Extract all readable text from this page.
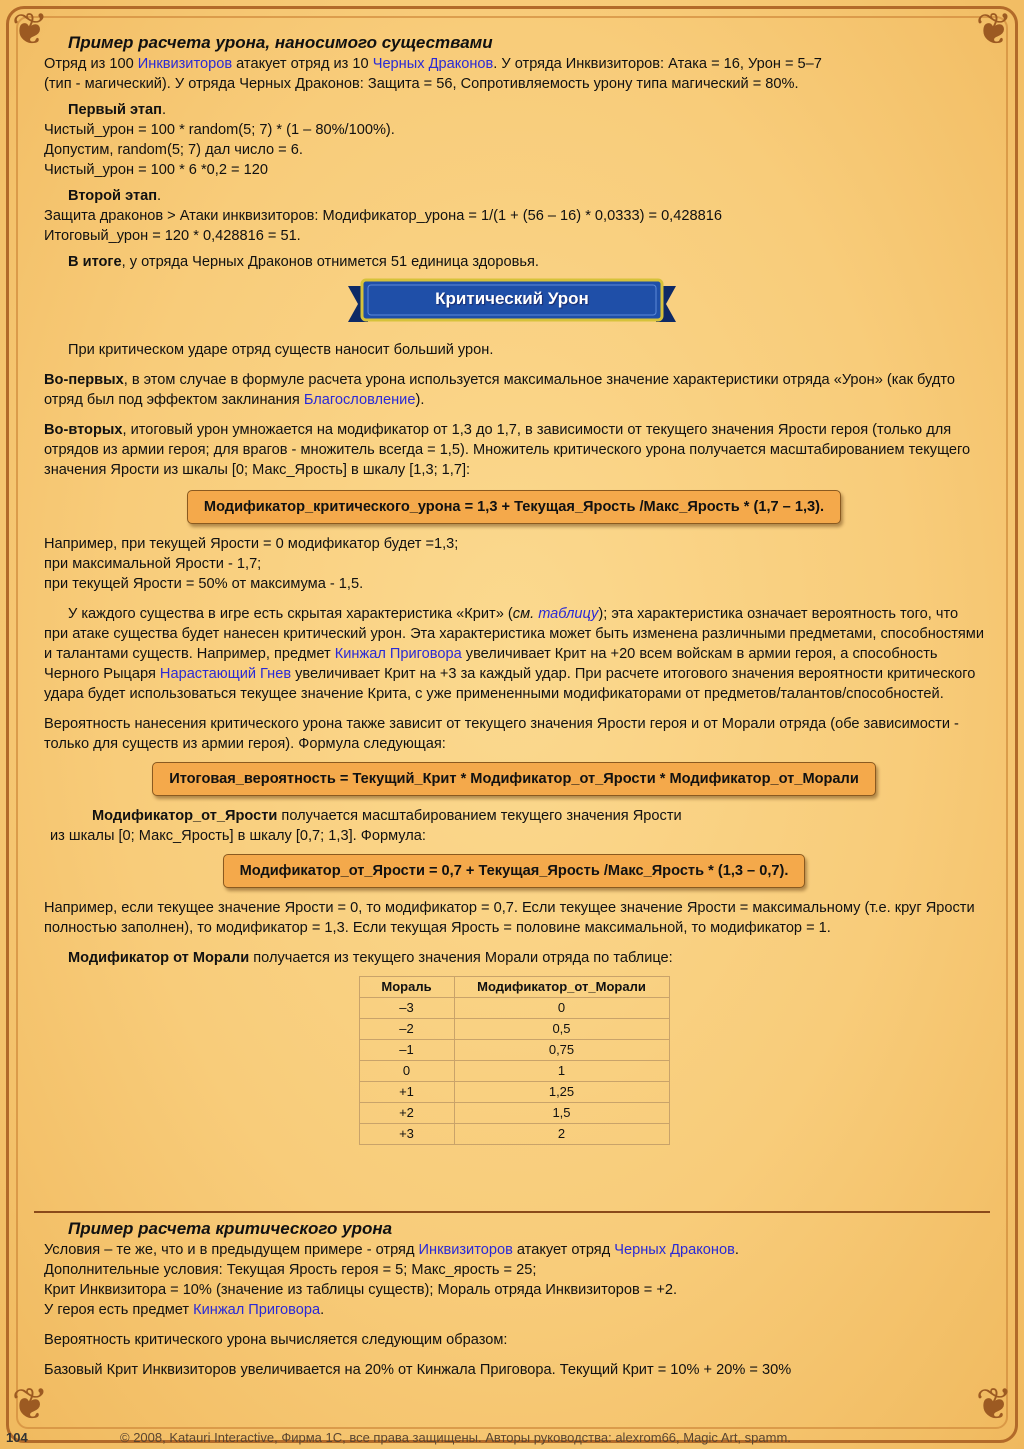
❦	❦
❦	❦

Пример расчета урона, наносимого существами

Отряд из 100 Инквизиторов атакует отряд из 10 Черных Драконов. У отряда Инквизиторов: Атака = 16, Урон = 5–7

(тип - магический). У отряда Черных Драконов: Защита = 56, Сопротивляемость урону типа магический = 80%.

Первый этап.

Чистый_урон = 100 * random(5; 7) * (1 – 80%/100%).

Допустим, random(5; 7) дал число = 6.

Чистый_урон = 100 * 6 *0,2 = 120

Второй этап.

Защита драконов > Атаки инквизиторов: Модификатор_урона = 1/(1 + (56 – 16) * 0,0333) = 0,428816

Итоговый_урон = 120 * 0,428816 = 51.

В итоге, у отряда Черных Драконов отнимется 51 единица здоровья.

Критический Урон

При критическом ударе отряд существ наносит больший урон.

Во-первых, в этом случае в формуле расчета урона используется максимальное значение характеристики отряда «Урон» (как будто отряд был под эффектом заклинания Благословление).

Во-вторых, итоговый урон умножается на модификатор от 1,3 до 1,7, в зависимости от текущего значения Ярости героя (только для отрядов из армии героя; для врагов - множитель всегда = 1,5). Множитель критического урона получается масштабированием текущего значения Ярости из шкалы [0; Макс_Ярость] в шкалу [1,3; 1,7]:

Модификатор_критического_урона = 1,3 + Текущая_Ярость /Макс_Ярость * (1,7 – 1,3).

Например, при текущей Ярости = 0 модификатор будет =1,3;

при максимальной Ярости - 1,7;

при текущей Ярости = 50% от максимума - 1,5.

У каждого существа в игре есть скрытая характеристика «Крит» (см. таблицу); эта характеристика означает вероятность того, что при атаке существа будет нанесен критический урон. Эта характеристика может быть изменена различными предметами, способностями и талантами существ. Например, предмет Кинжал Приговора увеличивает Крит на +20 всем войскам в армии героя, а способность Черного Рыцаря Нарастающий Гнев увеличивает Крит на +3 за каждый удар. При расчете итогового значения вероятности критического удара будет использоваться текущее значение Крита, с уже примененными модификаторами от предметов/талантов/способностей.

Вероятность нанесения критического урона также зависит от текущего значения Ярости героя и от Морали отряда (обе зависимости - только для существ из армии героя). Формула следующая:

Итоговая_вероятность = Текущий_Крит * Модификатор_от_Ярости * Модификатор_от_Морали

Модификатор_от_Ярости получается масштабированием текущего значения Ярости

из шкалы [0; Макс_Ярость] в шкалу [0,7; 1,3]. Формула:

Модификатор_от_Ярости = 0,7 + Текущая_Ярость /Макс_Ярость * (1,3 – 0,7).

Например, если текущее значение Ярости = 0, то модификатор = 0,7. Если текущее значение Ярости = максимальному (т.е. круг Ярости полностью заполнен), то модификатор = 1,3. Если текущая Ярость = половине максимальной, то модификатор = 1.

Модификатор от Морали получается из текущего значения Морали отряда по таблице:

Мораль	Модификатор_от_Морали
–3	0
–2	0,5
–1	0,75
0	1
+1	1,25
+2	1,5
+3	2

Пример расчета критического урона

Условия – те же, что и в предыдущем примере - отряд Инквизиторов атакует отряд Черных Драконов.

Дополнительные условия: Текущая Ярость героя = 5; Макс_ярость = 25;

Крит Инквизитора = 10% (значение из таблицы существ); Мораль отряда Инквизиторов = +2.

У героя есть предмет Кинжал Приговора.

Вероятность критического урона вычисляется следующим образом:

Базовый Крит Инквизиторов увеличивается на 20% от Кинжала Приговора. Текущий Крит = 10% + 20% = 30%

104	© 2008, Katauri Interactive, Фирма 1С, все права защищены. Авторы руководства: alexrom66, Magic Art, spamm.
